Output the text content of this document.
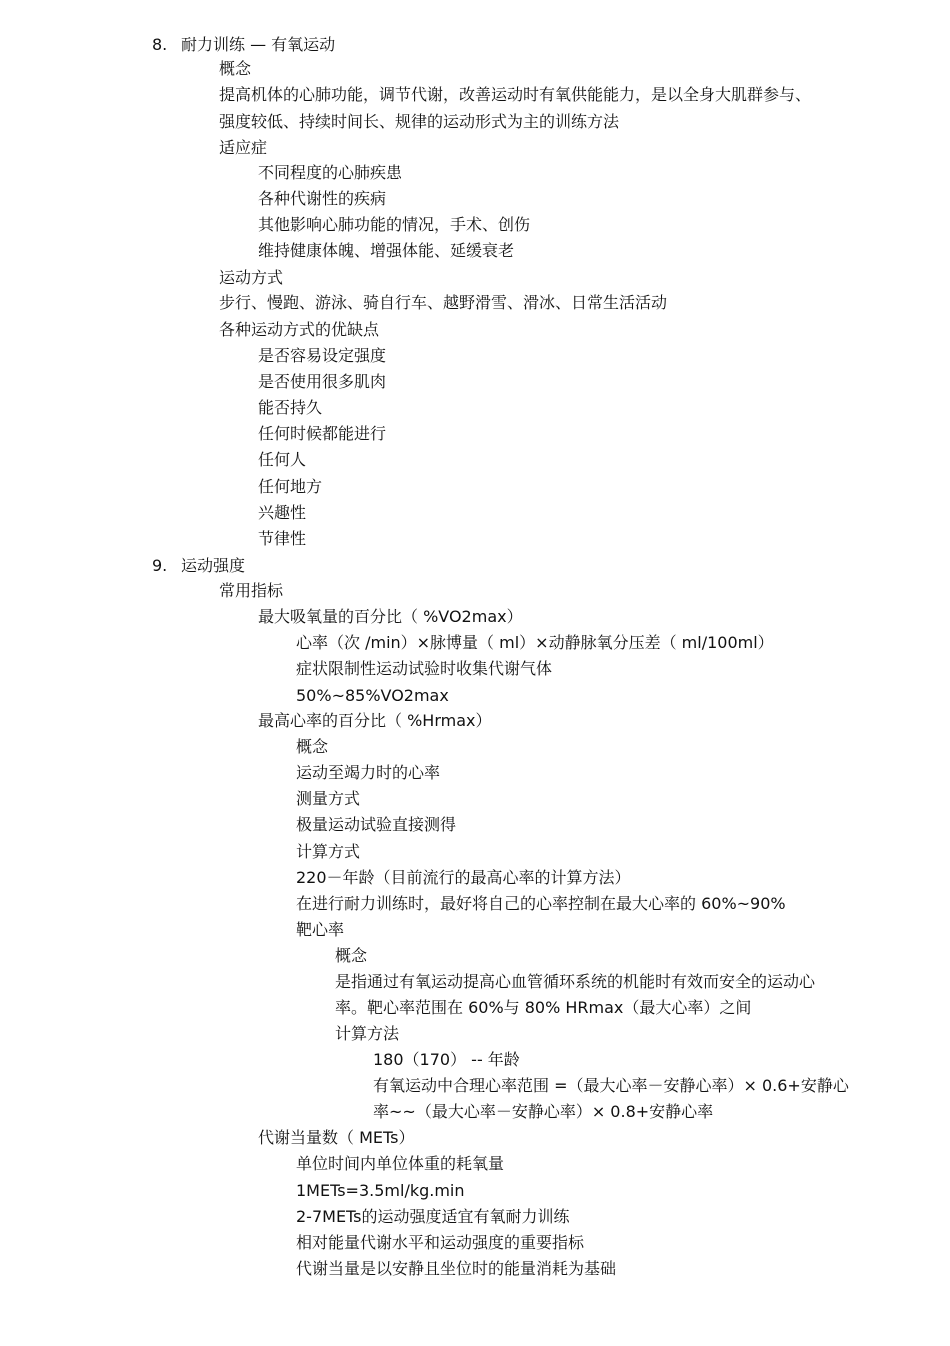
8. 耐力训练 — 有氧运动
概念
提高机体的心肺功能，调节代谢，改善运动时有氧供能能力，是以全身大肌群参与、
强度较低、持续时间长、规律的运动形式为主的训练方法
适应症
不同程度的心肺疾患
各种代谢性的疾病
其他影响心肺功能的情况，手术、创伤
维持健康体魄、增强体能、延缓衰老
运动方式
步行、慢跑、游泳、骑自行车、越野滑雪、滑冰、日常生活活动
各种运动方式的优缺点
是否容易设定强度
是否使用很多肌肉
能否持久
任何时候都能进行
任何人
任何地方
兴趣性
节律性
9. 运动强度
常用指标
最大吸氧量的百分比（ %VO2max）
心率（次 /min）×脉博量（ ml）×动静脉氧分压差（ ml/100ml）
症状限制性运动试验时收集代谢气体
50%~85%VO2max
最高心率的百分比（ %Hrmax）
概念
运动至竭力时的心率
测量方式
极量运动试验直接测得
计算方式
220－年龄（目前流行的最高心率的计算方法）
在进行耐力训练时，最好将自己的心率控制在最大心率的 60%~90%
靶心率
概念
是指通过有氧运动提高心血管循环系统的机能时有效而安全的运动心
率。靶心率范围在 60%与 80% HRmax（最大心率）之间
计算方法
180（170） -- 年龄
有氧运动中合理心率范围 =（最大心率－安静心率）× 0.6+安静心
率~~（最大心率－安静心率）× 0.8+安静心率
代谢当量数（ METs）
单位时间内单位体重的耗氧量
1METs=3.5ml/kg.min
2-7METs的运动强度适宜有氧耐力训练
相对能量代谢水平和运动强度的重要指标
代谢当量是以安静且坐位时的能量消耗为基础
